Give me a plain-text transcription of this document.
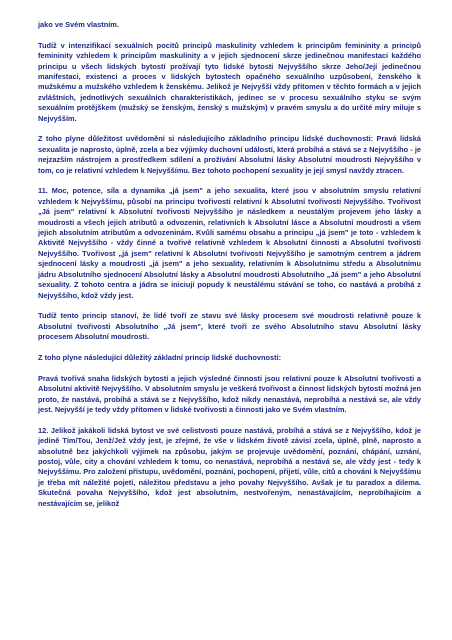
jako ve Svém vlastním.

Tudíž v intenzifikací sexuálních pocitů principů maskulinity vzhledem k principům femininity a principů femininity vzhledem k principům maskulinity a v jejich sjednocení skrze jedinečnou manifestaci každého principu u všech lidských bytostí prožívají tyto lidské bytosti Nejvyššího skrze Jeho/Její jedinečnou manifestaci, existenci a proces v lidských bytostech opačného sexuálního uzpůsobení, ženského k mužskému a mužského vzhledem k ženskému. Jelikož je Nejvyšší vždy přítomen v těchto formách a v jejich zvláštních, jednotlivých sexuálních charakteristikách, jedinec se v procesu sexuálního styku se svým sexuálním protějškem (mužský se ženským, ženský s mužským) v pravém smyslu a do určité míry miluje s Nejvyšším.

Z toho plyne důležitost uvědomění si následujícího základního principu lidské duchovnosti: Pravá lidská sexualita je naprosto, úplně, zcela a bez výjimky duchovní událostí, která probíhá a stává se z Nejvyššího - je nejzazším nástrojem a prostředkem sdílení a prožívání Absolutní lásky Absolutní moudrosti Nejvyššího v tom, co je relativní vzhledem k Nejvyššímu. Bez tohoto pochopení sexuality je její smysl navždy ztracen.

11. Moc, potence, síla a dynamika „já jsem" a jeho sexualita, které jsou v absolutním smyslu relativní vzhledem k Nejvyššímu, působí na principu tvořivosti relativní k Absolutní tvořivosti Nejvyššího. Tvořivost „Já jsem" relativní k Absolutní tvořivosti Nejvyššího je následkem a neustálým projevem jeho lásky a moudrosti a všech jejich atributů a odvozenin, relativních k Absolutní lásce a Absolutní moudrosti a všem jejich absolutním atributům a odvozeninám. Kvůli samému obsahu a principu „já jsem" je toto - vzhledem k Aktivitě Nejvyššího - vždy činné a tvořivé relativně vzhledem k Absolutní činnosti a Absolutní tvořivosti Nejvyššího. Tvořivost „já jsem" relativní k Absolutní tvořivosti Nejvyššího je samotným centrem a jádrem sjednocení lásky a moudrosti „já jsem" a jeho sexuality, relativním k Absolutnímu středu a Absolutnímu jádru Absolutního sjednocení Absolutní lásky a Absolutní moudrosti Absolutního „Já jsem" a jeho Absolutní sexuality. Z tohoto centra a jádra se iniciují popudy k neustálému stávání se toho, co nastává a probíhá z Nejvyššího, kdož vždy jest.

Tudíž tento princip stanoví, že lidé tvoří ze stavu své lásky procesem své moudrosti relativně pouze k Absolutní tvořivosti Absolutního „Já jsem", které tvoří ze svého Absolutního stavu Absolutní lásky procesem Absolutní moudrosti.

Z toho plyne následující důležitý základní princip lidské duchovnosti:

Pravá tvořivá snaha lidských bytostí a jejich výsledné činnosti jsou relativní pouze k Absolutní tvořivosti a Absolutní aktivitě Nejvyššího. V absolutním smyslu je veškerá tvořivost a činnost lidských bytostí možná jen proto, že nastává, probíhá a stává se z Nejvyššího, kdož nikdy nenastává, neprobíhá a nestává se, ale vždy jest. Nejvyšší je tedy vždy přítomen v lidské tvořivosti a činnosti jako ve Svém vlastním.

12. Jelikož jakákoli lidská bytost ve své celistvosti pouze nastává, probíhá a stává se z Nejvyššího, kdož je jedině Tím/Tou, Jenž/Jež vždy jest, je zřejmé, že vše v lidském životě závisí zcela, úplně, plně, naprosto a absolutně bez jakýchkoli výjimek na způsobu, jakým se projevuje uvědomění, poznání, chápání, uznání, postoj, vůle, city a chování vzhledem k tomu, co nenastává, neprobíhá a nestává se, ale vždy jest - tedy k Nejvyššímu. Pro založení přístupu, uvědomění, poznání, pochopení, přijetí, vůle, citů a chování k Nejvyššímu je třeba mít náležité pojetí, náležitou představu a jeho povahy Nejvyššího. Avšak je tu paradox a dilema. Skutečná povaha Nejvyššího, kdož jest absolutním, nestvořeným, nenastávajícím, neprobíhajícím a nestávajícím se, jelikož
